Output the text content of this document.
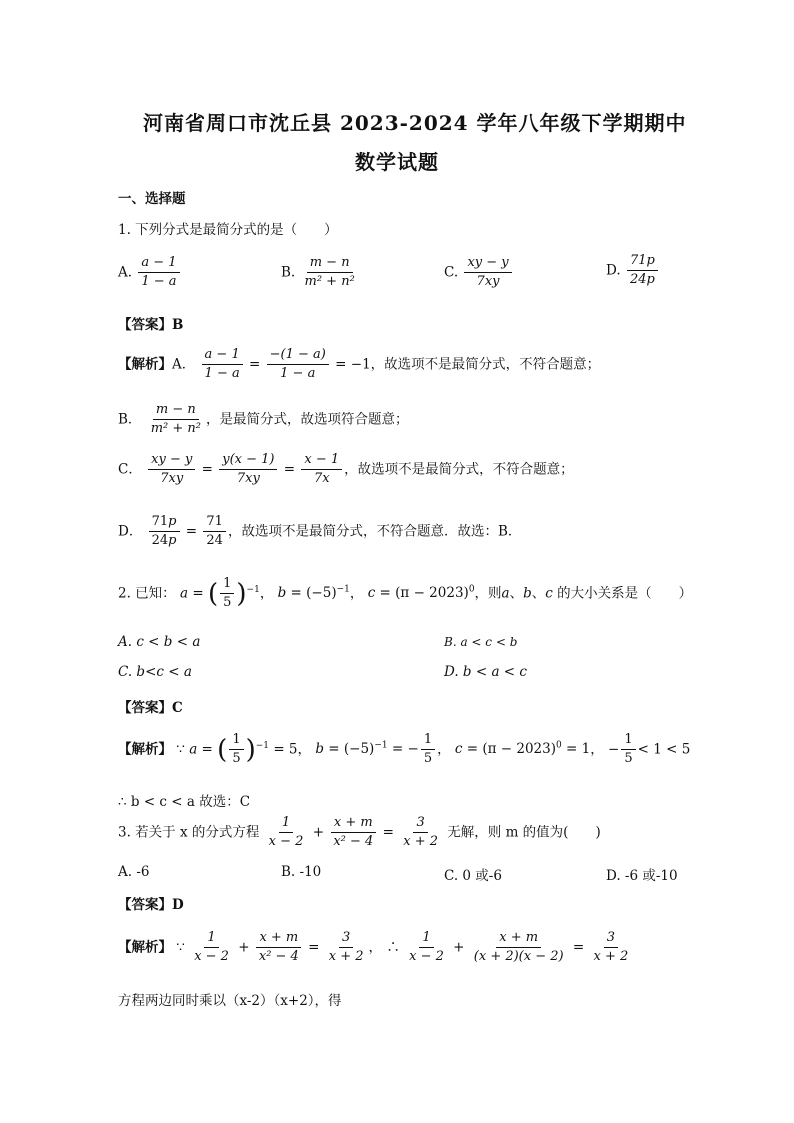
河南省周口市沈丘县 2023-2024 学年八年级下学期期中
数学试题
一、选择题
1. 下列分式是最简分式的是（　　）
A. $\frac{a - 1}{1 - a}$	B. $\frac{m - n}{\text{m² + n²}}$	C. $\frac{xy - y}{7xy}$	D. $\frac{71p}{24p}$
【答案】B
【解析】A． $\frac{a - 1}{1 - a} = \frac{-(1 - a)}{1 - a} = -1$，故选项不是最简分式，不符合题意；
B． $\frac{m - n}{\text{m² + n²}}$ ，是最简分式，故选项符合题意；
C． $\frac{xy - y}{7xy} = \frac{y(x - 1)}{7xy} = \frac{x - 1}{7x}$ ，故选项不是最简分式，不符合题意；
D． $\frac{71p}{24p} = \frac{71}{24}$ ，故选项不是最简分式，不符合题意．故选：B．
2. 已知： a = ( $\frac{1}{5} )^{-1}$， $b = (-5)^{-1}$， $c = (\pi - 2023)^0$，则a、b、c 的大小关系是（　　）
A. c < b < a	B. a < c < b
C. b<c < a	D. b < a < c
【答案】C
【解析】 ∵ a = ( $\frac{1}{5} )^{-1} = 5$， $b = (-5)^{-1}$ = − $\frac{1}{5}$ ， $c = (\pi - 2023)^0 = 1$， − $\frac{1}{5} < 1 < 5$
∴ b < c < a 故选：C
3. 若关于 x 的分式方程 $\frac{1}{x - 2} + \frac{x + m}{\text{x² − 4}} = \frac{3}{x + 2}$ 无解，则 m 的值为(　　)
A. -6	B. -10	C. 0 或-6	D. -6 或-10
【答案】D
【解析】 ∵ $\frac{1}{x - 2} + \frac{x + m}{\text{x² − 4}} = \frac{3}{x + 2}$ ， ∴ $\frac{1}{x - 2} + \frac{x + m}{(x + 2)(x - 2)} = \frac{3}{x + 2}$
方程两边同时乘以（x-2）（x+2），得
